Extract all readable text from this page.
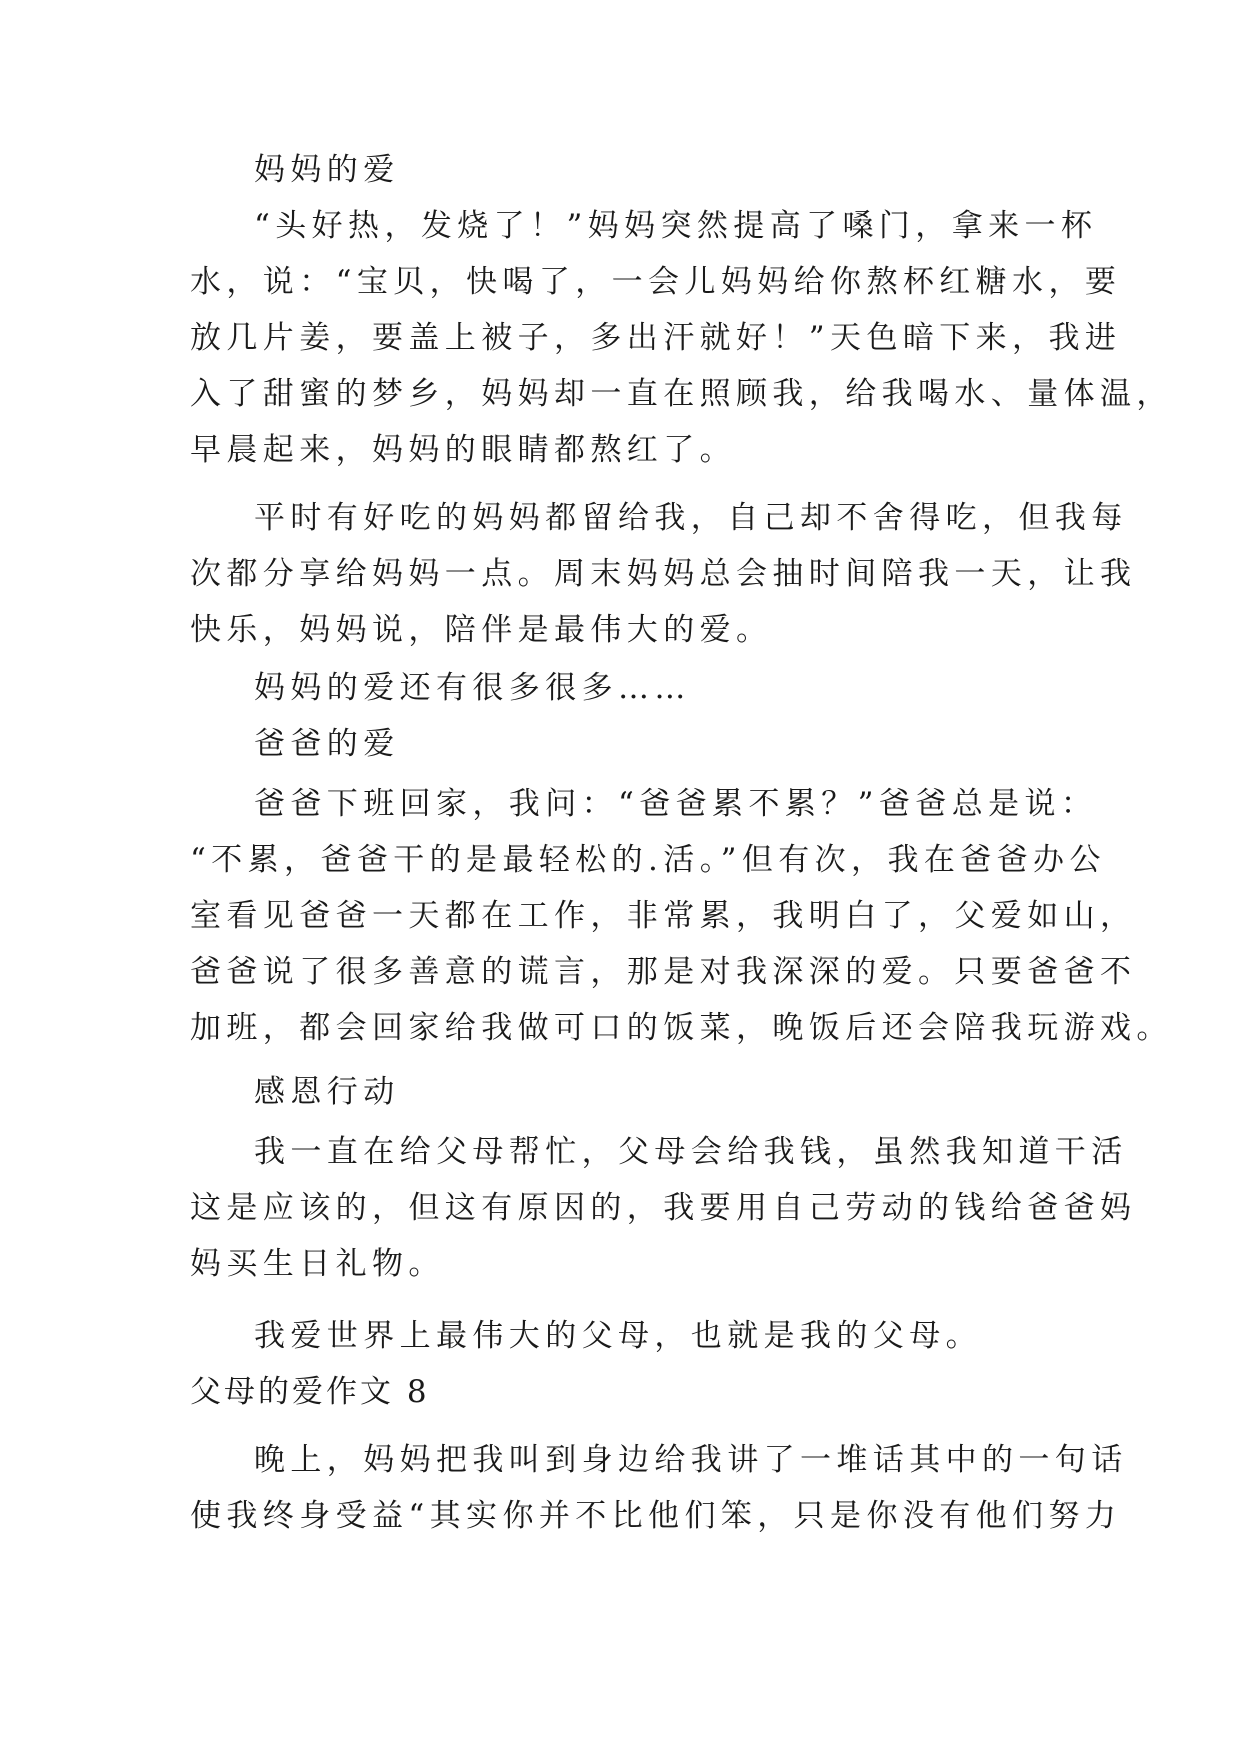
妈妈的爱
“头好热，发烧了！”妈妈突然提高了嗓门，拿来一杯
水，说：“宝贝，快喝了，一会儿妈妈给你熬杯红糖水，要
放几片姜，要盖上被子，多出汗就好！”天色暗下来，我进
入了甜蜜的梦乡，妈妈却一直在照顾我，给我喝水、量体温，
早晨起来，妈妈的眼睛都熬红了。
平时有好吃的妈妈都留给我，自己却不舍得吃，但我每
次都分享给妈妈一点。周末妈妈总会抽时间陪我一天，让我
快乐，妈妈说，陪伴是最伟大的爱。
妈妈的爱还有很多很多……
爸爸的爱
爸爸下班回家，我问：“爸爸累不累？”爸爸总是说：
“不累，爸爸干的是最轻松的.活。”但有次，我在爸爸办公
室看见爸爸一天都在工作，非常累，我明白了，父爱如山，
爸爸说了很多善意的谎言，那是对我深深的爱。只要爸爸不
加班，都会回家给我做可口的饭菜，晚饭后还会陪我玩游戏。
感恩行动
我一直在给父母帮忙，父母会给我钱，虽然我知道干活
这是应该的，但这有原因的，我要用自己劳动的钱给爸爸妈
妈买生日礼物。
我爱世界上最伟大的父母，也就是我的父母。
父母的爱作文 8
晚上，妈妈把我叫到身边给我讲了一堆话其中的一句话
使我终身受益“其实你并不比他们笨，只是你没有他们努力
